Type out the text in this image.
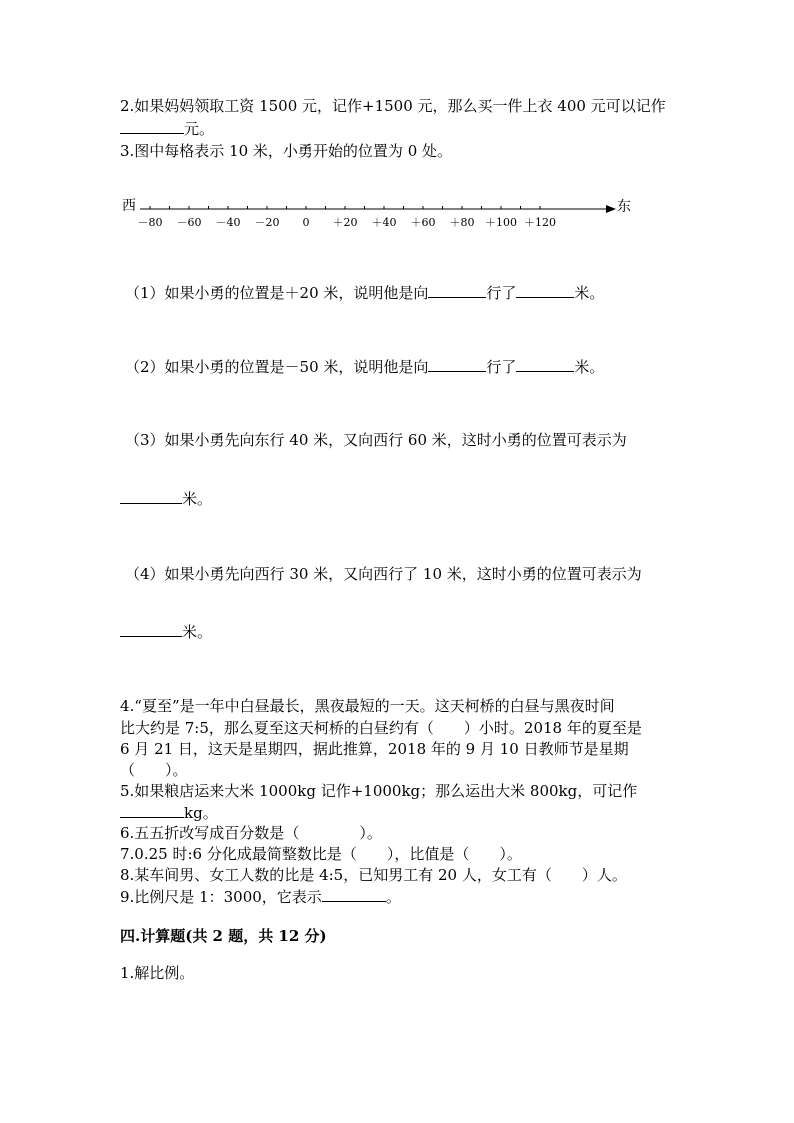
2.如果妈妈领取工资 1500 元，记作+1500 元，那么买一件上衣 400 元可以记作
元。
3.图中每格表示 10 米，小勇开始的位置为 0 处。
西	东
－80 －60 －40 －20 0 ＋20 ＋40 ＋60 ＋80 ＋100 ＋120
（1）如果小勇的位置是＋20 米，说明他是向	行了	米。
（2）如果小勇的位置是－50 米，说明他是向	行了	米。
（3）如果小勇先向东行 40 米，又向西行 60 米，这时小勇的位置可表示为
米。
（4）如果小勇先向西行 30 米，又向西行了 10 米，这时小勇的位置可表示为
米。
4.“夏至”是一年中白昼最长，黑夜最短的一天。这天柯桥的白昼与黑夜时间
比大约是 7:5，那么夏至这天柯桥的白昼约有（　　）小时。2018 年的夏至是
6 月 21 日，这天是星期四，据此推算，2018 年的 9 月 10 日教师节是星期
（　　）。
5.如果粮店运来大米 1000kg 记作+1000kg；那么运出大米 800kg，可记作
kg。
6.五五折改写成百分数是（　　　　）。
7.0.25 时:6 分化成最简整数比是（　　），比值是（　　）。
8.某车间男、女工人数的比是 4:5，已知男工有 20 人，女工有（　　）人。
9.比例尺是 1：3000，它表示	。
四.计算题(共 2 题，共 12 分)
1.解比例。
